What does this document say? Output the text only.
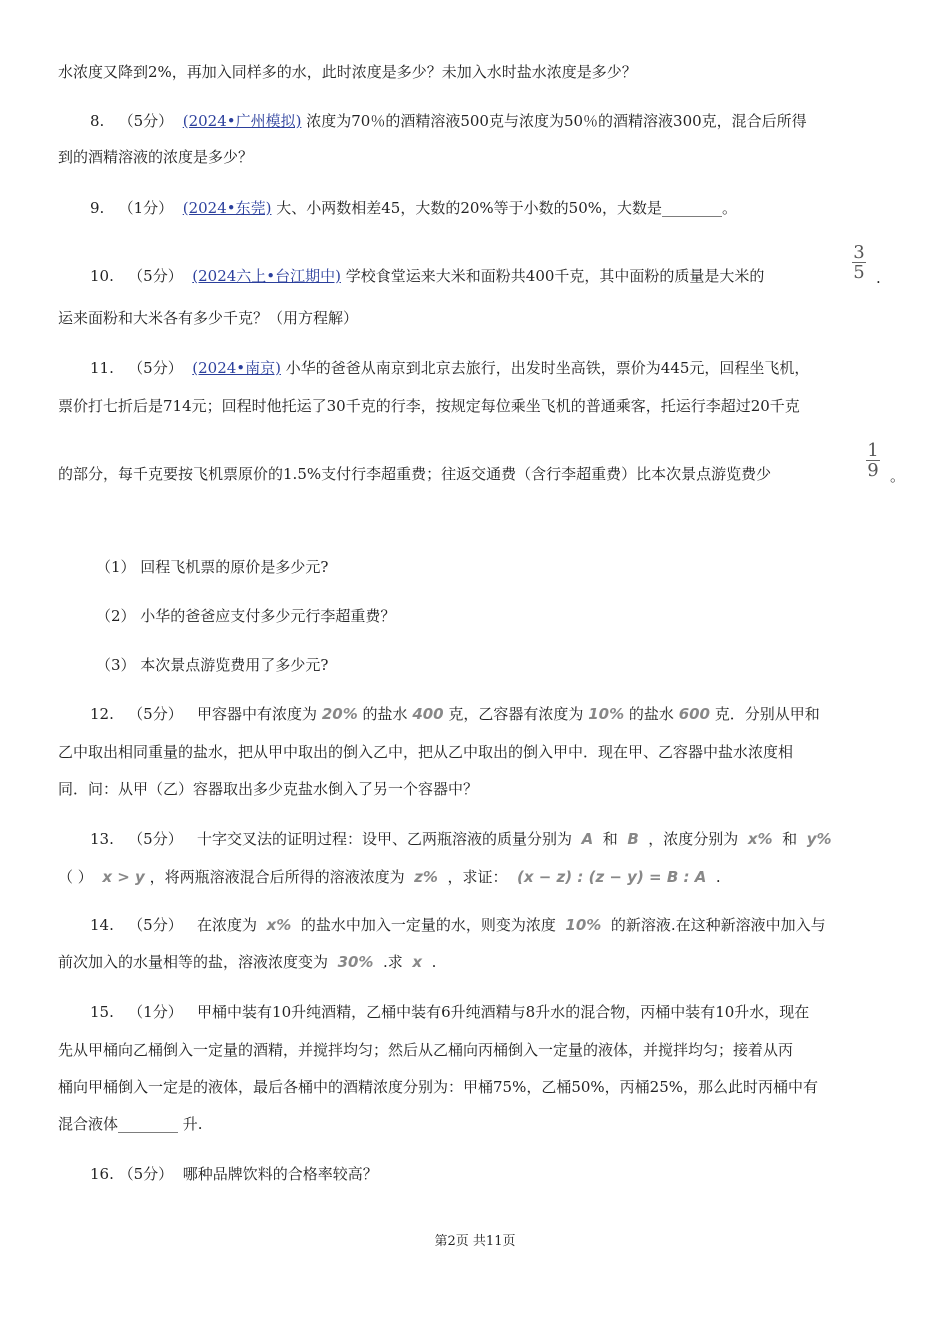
水浓度又降到2%，再加入同样多的水，此时浓度是多少？未加入水时盐水浓度是多少？
8. （5分） (2024•广州模拟) 浓度为70％的酒精溶液500克与浓度为50％的酒精溶液300克，混合后所得
到的酒精溶液的浓度是多少？
9. （1分） (2024•东莞) 大、小两数相差45，大数的20%等于小数的50%，大数是________。
10. （5分） (2024六上•台江期中) 学校食堂运来大米和面粉共400千克，其中面粉的质量是大米的
3
5 .
运来面粉和大米各有多少千克？（用方程解）
11. （5分） (2024•南京) 小华的爸爸从南京到北京去旅行，出发时坐高铁，票价为445元，回程坐飞机，
票价打七折后是714元；回程时他托运了30千克的行李，按规定每位乘坐飞机的普通乘客，托运行李超过20千克
的部分，每千克要按飞机票原价的1.5%支付行李超重费；往返交通费（含行李超重费）比本次景点游览费少
1
9 。
（1） 回程飞机票的原价是多少元?
（2） 小华的爸爸应支付多少元行李超重费？
（3） 本次景点游览费用了多少元?
12. （5分） 甲容器中有浓度为 20% 的盐水 400 克，乙容器有浓度为 10% 的盐水 600 克．分别从甲和
乙中取出相同重量的盐水，把从甲中取出的倒入乙中，把从乙中取出的倒入甲中．现在甲、乙容器中盐水浓度相
同．问：从甲（乙）容器取出多少克盐水倒入了另一个容器中？
13. （5分） 十字交叉法的证明过程：设甲、乙两瓶溶液的质量分别为 A 和 B ，浓度分别为 x% 和 y%
（ ） x > y ，将两瓶溶液混合后所得的溶液浓度为 z% ，求证： (x − z) : (z − y) = B : A .
14. （5分） 在浓度为 x% 的盐水中加入一定量的水，则变为浓度 10% 的新溶液.在这种新溶液中加入与
前次加入的水量相等的盐，溶液浓度变为 30% .求 x .
15. （1分） 甲桶中装有10升纯酒精，乙桶中装有6升纯酒精与8升水的混合物，丙桶中装有10升水，现在
先从甲桶向乙桶倒入一定量的酒精，并搅拌均匀；然后从乙桶向丙桶倒入一定量的液体，并搅拌均匀；接着从丙
桶向甲桶倒入一定是的液体，最后各桶中的酒精浓度分别为：甲桶75%，乙桶50%，丙桶25%，那么此时丙桶中有
混合液体________ 升.
16. （5分） 哪种品牌饮料的合格率较高？
第2页 共11页
